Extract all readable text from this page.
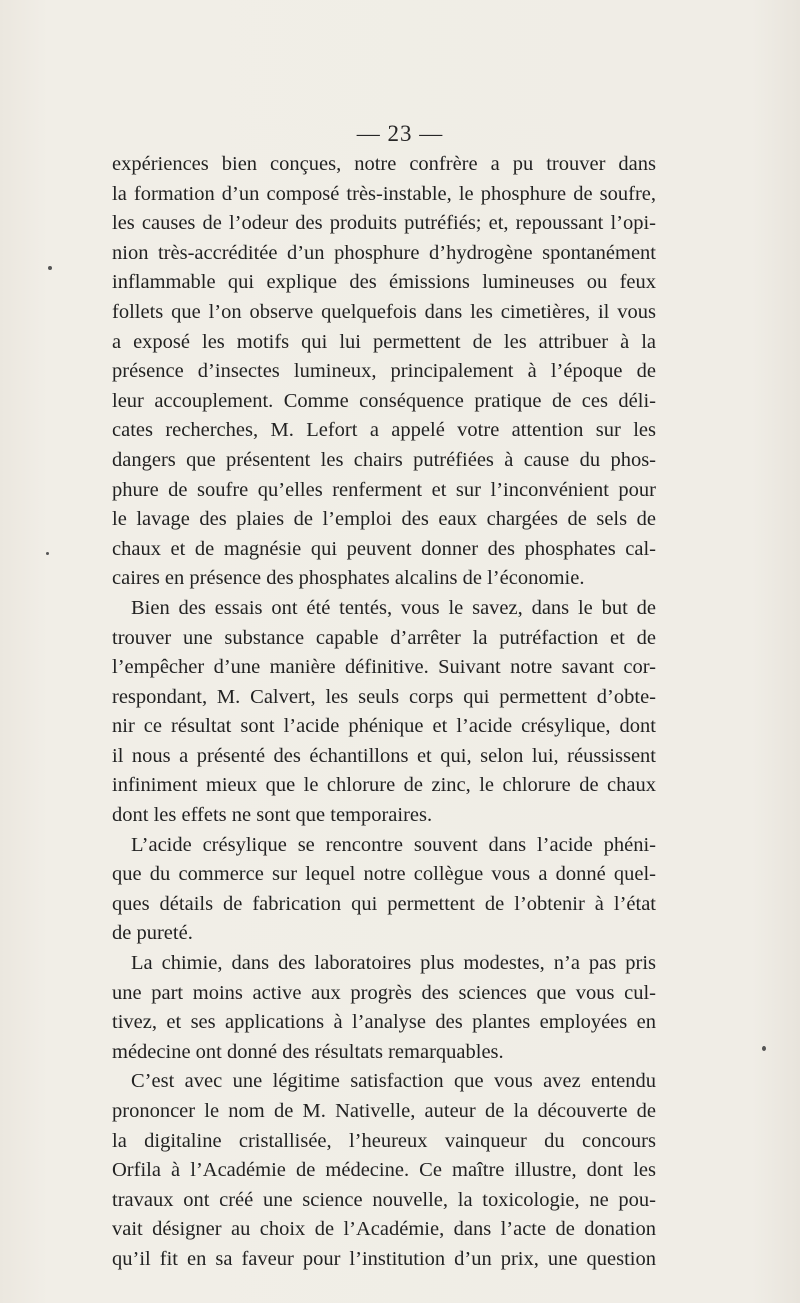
— 23 —
expériences bien conçues, notre confrère a pu trouver dans
la formation d’un composé très-instable, le phosphure de soufre,
les causes de l’odeur des produits putréfiés; et, repoussant l’opi-
nion très-accréditée d’un phosphure d’hydrogène spontanément
inflammable qui explique des émissions lumineuses ou feux
follets que l’on observe quelquefois dans les cimetières, il vous
a exposé les motifs qui lui permettent de les attribuer à la
présence d’insectes lumineux, principalement à l’époque de
leur accouplement. Comme conséquence pratique de ces déli-
cates recherches, M. Lefort a appelé votre attention sur les
dangers que présentent les chairs putréfiées à cause du phos-
phure de soufre qu’elles renferment et sur l’inconvénient pour
le lavage des plaies de l’emploi des eaux chargées de sels de
chaux et de magnésie qui peuvent donner des phosphates cal-
caires en présence des phosphates alcalins de l’économie.
Bien des essais ont été tentés, vous le savez, dans le but de
trouver une substance capable d’arrêter la putréfaction et de
l’empêcher d’une manière définitive. Suivant notre savant cor-
respondant, M. Calvert, les seuls corps qui permettent d’obte-
nir ce résultat sont l’acide phénique et l’acide crésylique, dont
il nous a présenté des échantillons et qui, selon lui, réussissent
infiniment mieux que le chlorure de zinc, le chlorure de chaux
dont les effets ne sont que temporaires.
L’acide crésylique se rencontre souvent dans l’acide phéni-
que du commerce sur lequel notre collègue vous a donné quel-
ques détails de fabrication qui permettent de l’obtenir à l’état
de pureté.
La chimie, dans des laboratoires plus modestes, n’a pas pris
une part moins active aux progrès des sciences que vous cul-
tivez, et ses applications à l’analyse des plantes employées en
médecine ont donné des résultats remarquables.
C’est avec une légitime satisfaction que vous avez entendu
prononcer le nom de M. Nativelle, auteur de la découverte de
la digitaline cristallisée, l’heureux vainqueur du concours
Orfila à l’Académie de médecine. Ce maître illustre, dont les
travaux ont créé une science nouvelle, la toxicologie, ne pou-
vait désigner au choix de l’Académie, dans l’acte de donation
qu’il fit en sa faveur pour l’institution d’un prix, une question
